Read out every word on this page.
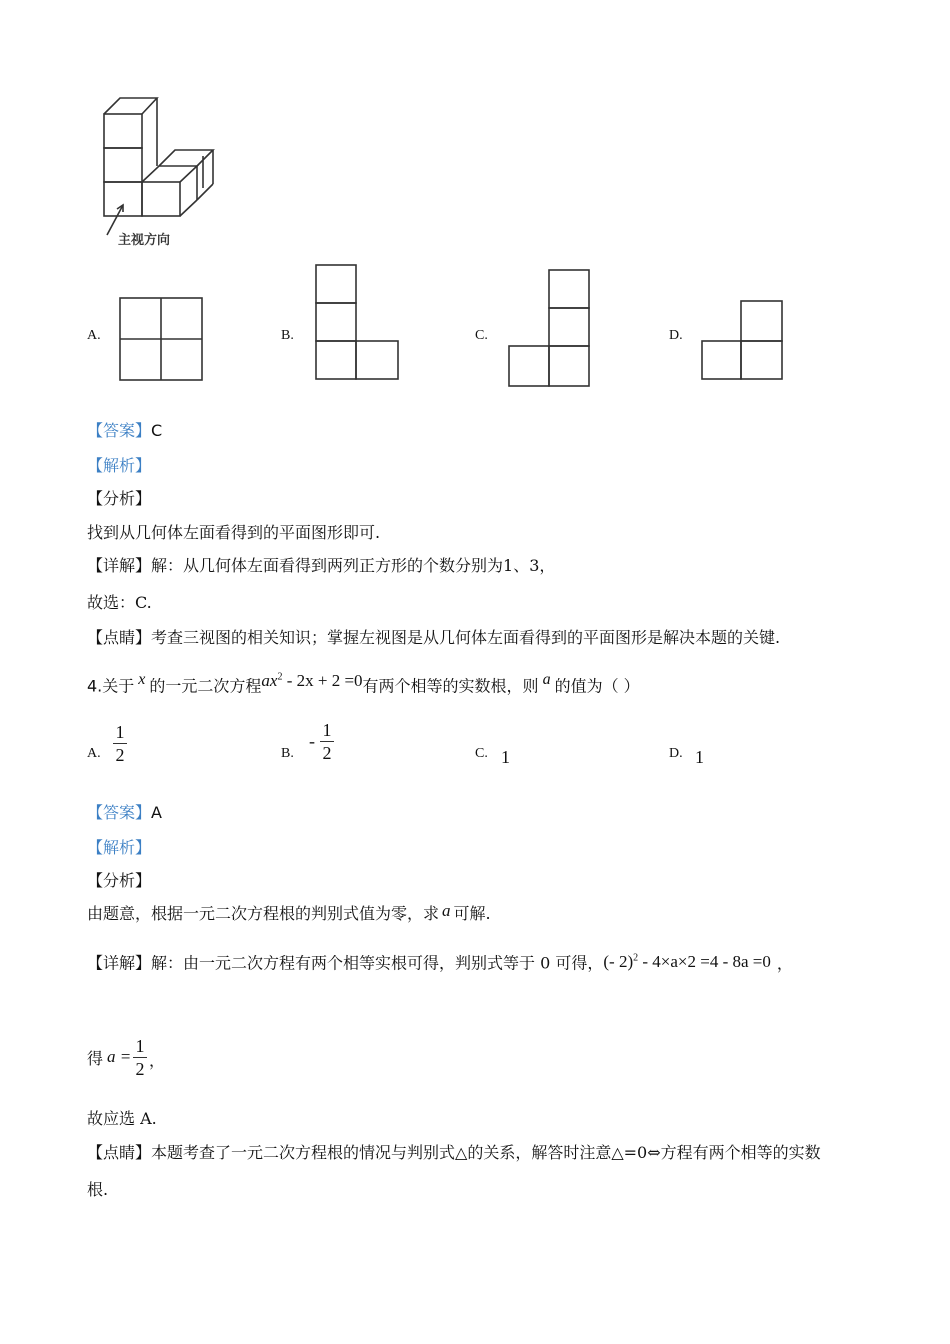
主视方向
A.	B.	C.	D.
【答案】C
【解析】
【分析】
找到从几何体左面看得到的平面图形即可.
【详解】解：从几何体左面看得到两列正方形的个数分别为1、3，
故选：C.
【点睛】考查三视图的相关知识；掌握左视图是从几何体左面看得到的平面图形是解决本题的关键.
4.关于 x 的一元二次方程$ax^2 - 2x + 2 =0$有两个相等的实数根，则 a 的值为（ ）
A.
1
2	B.
-
1
2	C. 1	D. 1
【答案】A
【解析】
【分析】
由题意，根据一元二次方程根的判别式值为零，求 a 可解.
【详解】解：由一元二次方程有两个相等实根可得，判别式等于 0 可得，(- 2)$^2$ - 4×a×2 =4 - 8a =0 ，
得 a =
1
2 ，
故应选 A.
【点睛】本题考查了一元二次方程根的情况与判别式△的关系，解答时注意△=0⇔方程有两个相等的实数
根.
